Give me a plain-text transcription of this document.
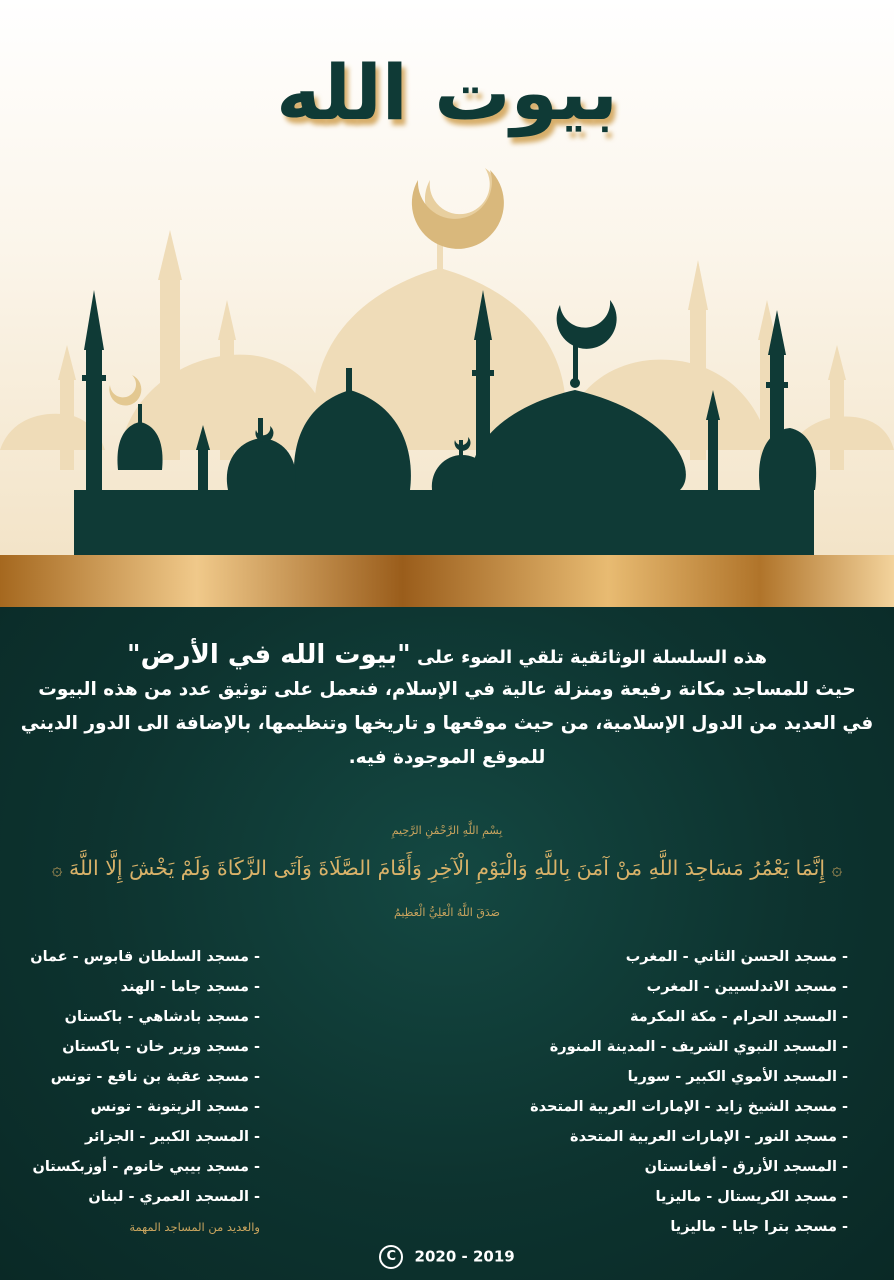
بيوت الله
هذه السلسلة الوثائقية تلقي الضوء على "بيوت الله في الأرض"
حيث للمساجد مكانة رفيعة ومنزلة عالية في الإسلام، فنعمل على توثيق عدد من هذه البيوت
في العديد من الدول الإسلامية، من حيث موقعها و تاريخها وتنظيمها، بالإضافة الى الدور الديني
للموقع الموجودة فيه.
بِسْمِ اللَّهِ الرَّحْمَٰنِ الرَّحِيمِ
۞ إِنَّمَا يَعْمُرُ مَسَاجِدَ اللَّهِ مَنْ آمَنَ بِاللَّهِ وَالْيَوْمِ الْآخِرِ وَأَقَامَ الصَّلَاةَ وَآتَى الزَّكَاةَ وَلَمْ يَخْشَ إِلَّا اللَّهَ ۞
صَدَقَ اللَّهُ الْعَلِيُّ الْعَظِيمُ
- مسجد الحسن الثاني - المغرب
- مسجد الاندلسيين - المغرب
- المسجد الحرام - مكة المكرمة
- المسجد النبوي الشريف - المدينة المنورة
- المسجد الأموي الكبير - سوريا
- مسجد الشيخ زايد - الإمارات العربية المتحدة
- مسجد النور - الإمارات العربية المتحدة
- المسجد الأزرق - أفغانستان
- مسجد الكريستال - ماليزيا
- مسجد بترا جايا - ماليزيا
- مسجد السلطان قابوس - عمان
- مسجد جاما - الهند
- مسجد بادشاهي - باكستان
- مسجد وزير خان - باكستان
- مسجد عقبة بن نافع - تونس
- مسجد الزيتونة - تونس
- المسجد الكبير - الجزائر
- مسجد بيبي خانوم - أوزبكستان
- المسجد العمري - لبنان
والعديد من المساجد المهمة
C 2020 - 2019
